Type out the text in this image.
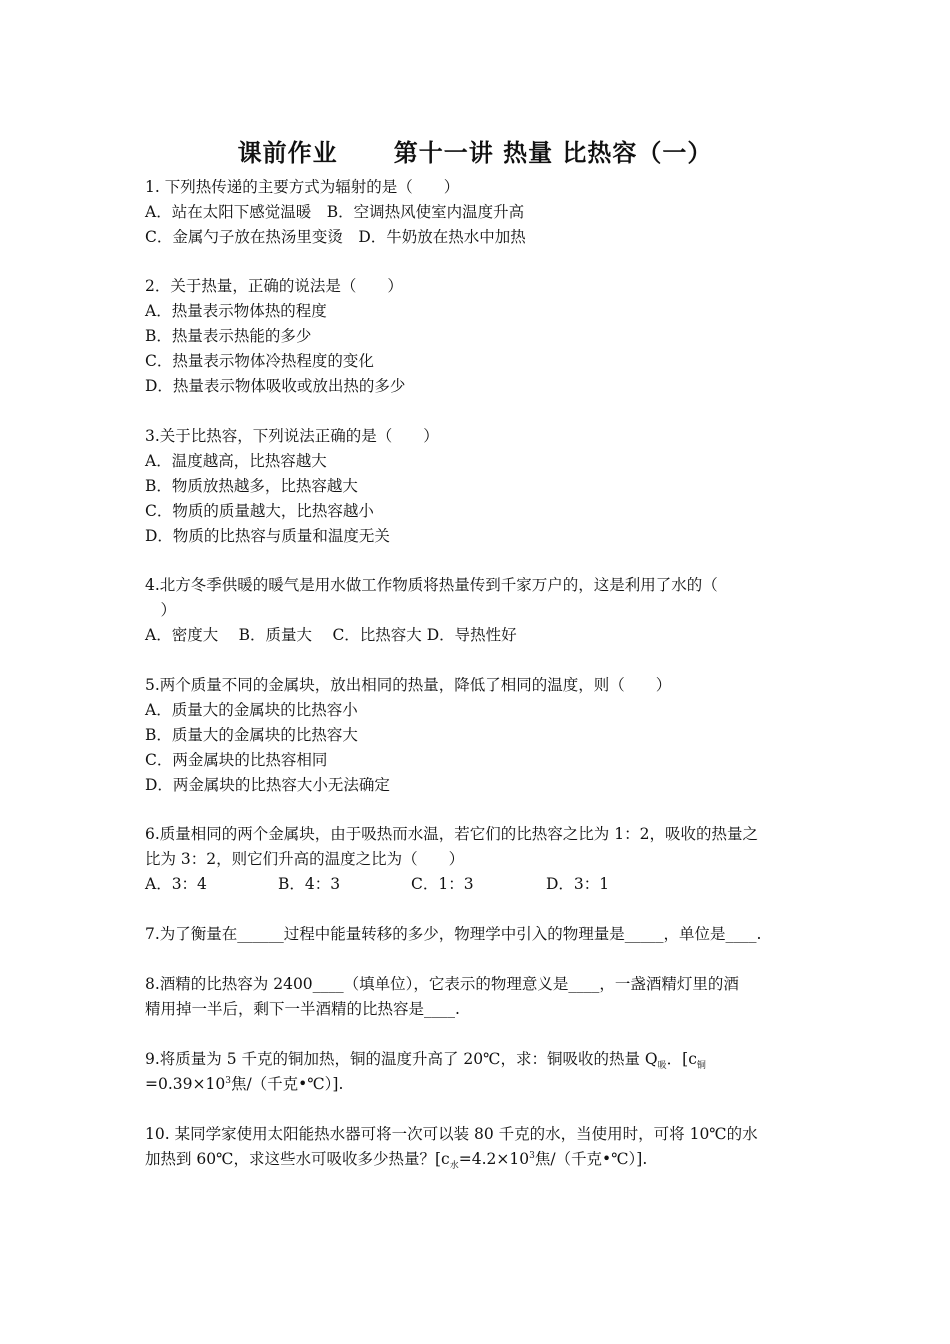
课前作业      第十一讲 热量 比热容（一）
1. 下列热传递的主要方式为辐射的是（　　）
A．站在太阳下感觉温暖　B．空调热风使室内温度升高
C．金属勺子放在热汤里变烫　D．牛奶放在热水中加热
2．关于热量，正确的说法是（　　）
A．热量表示物体热的程度
B．热量表示热能的多少
C．热量表示物体冷热程度的变化
D．热量表示物体吸收或放出热的多少
3.关于比热容，下列说法正确的是（　　）
A．温度越高，比热容越大
B．物质放热越多，比热容越大
C．物质的质量越大，比热容越小
D．物质的比热容与质量和温度无关
4.北方冬季供暖的暖气是用水做工作物质将热量传到千家万户的，这是利用了水的（
　）
A．密度大　 B．质量大　 C．比热容大 D．导热性好
5.两个质量不同的金属块，放出相同的热量，降低了相同的温度，则（　　）
A．质量大的金属块的比热容小
B．质量大的金属块的比热容大
C．两金属块的比热容相同
D．两金属块的比热容大小无法确定
6.质量相同的两个金属块，由于吸热而水温，若它们的比热容之比为 1：2，吸收的热量之
比为 3：2，则它们升高的温度之比为（　　）
A．3：4	B．4：3	C．1：3	D．3：1
7.为了衡量在______过程中能量转移的多少，物理学中引入的物理量是_____，单位是____.
8.酒精的比热容为 2400____（填单位），它表示的物理意义是____，一盏酒精灯里的酒
精用掉一半后，剩下一半酒精的比热容是____.
9.将质量为 5 千克的铜加热，铜的温度升高了 20℃，求：铜吸收的热量 $Q_吸$．[$c_铜$
$=0.39\times 10^3$焦/（千克•℃）].
10. 某同学家使用太阳能热水器可将一次可以装 80 千克的水，当使用时，可将 10℃的水
加热到 60℃，求这些水可吸收多少热量？[$c_水=4.2\times 10^3$焦/（千克•℃）].
